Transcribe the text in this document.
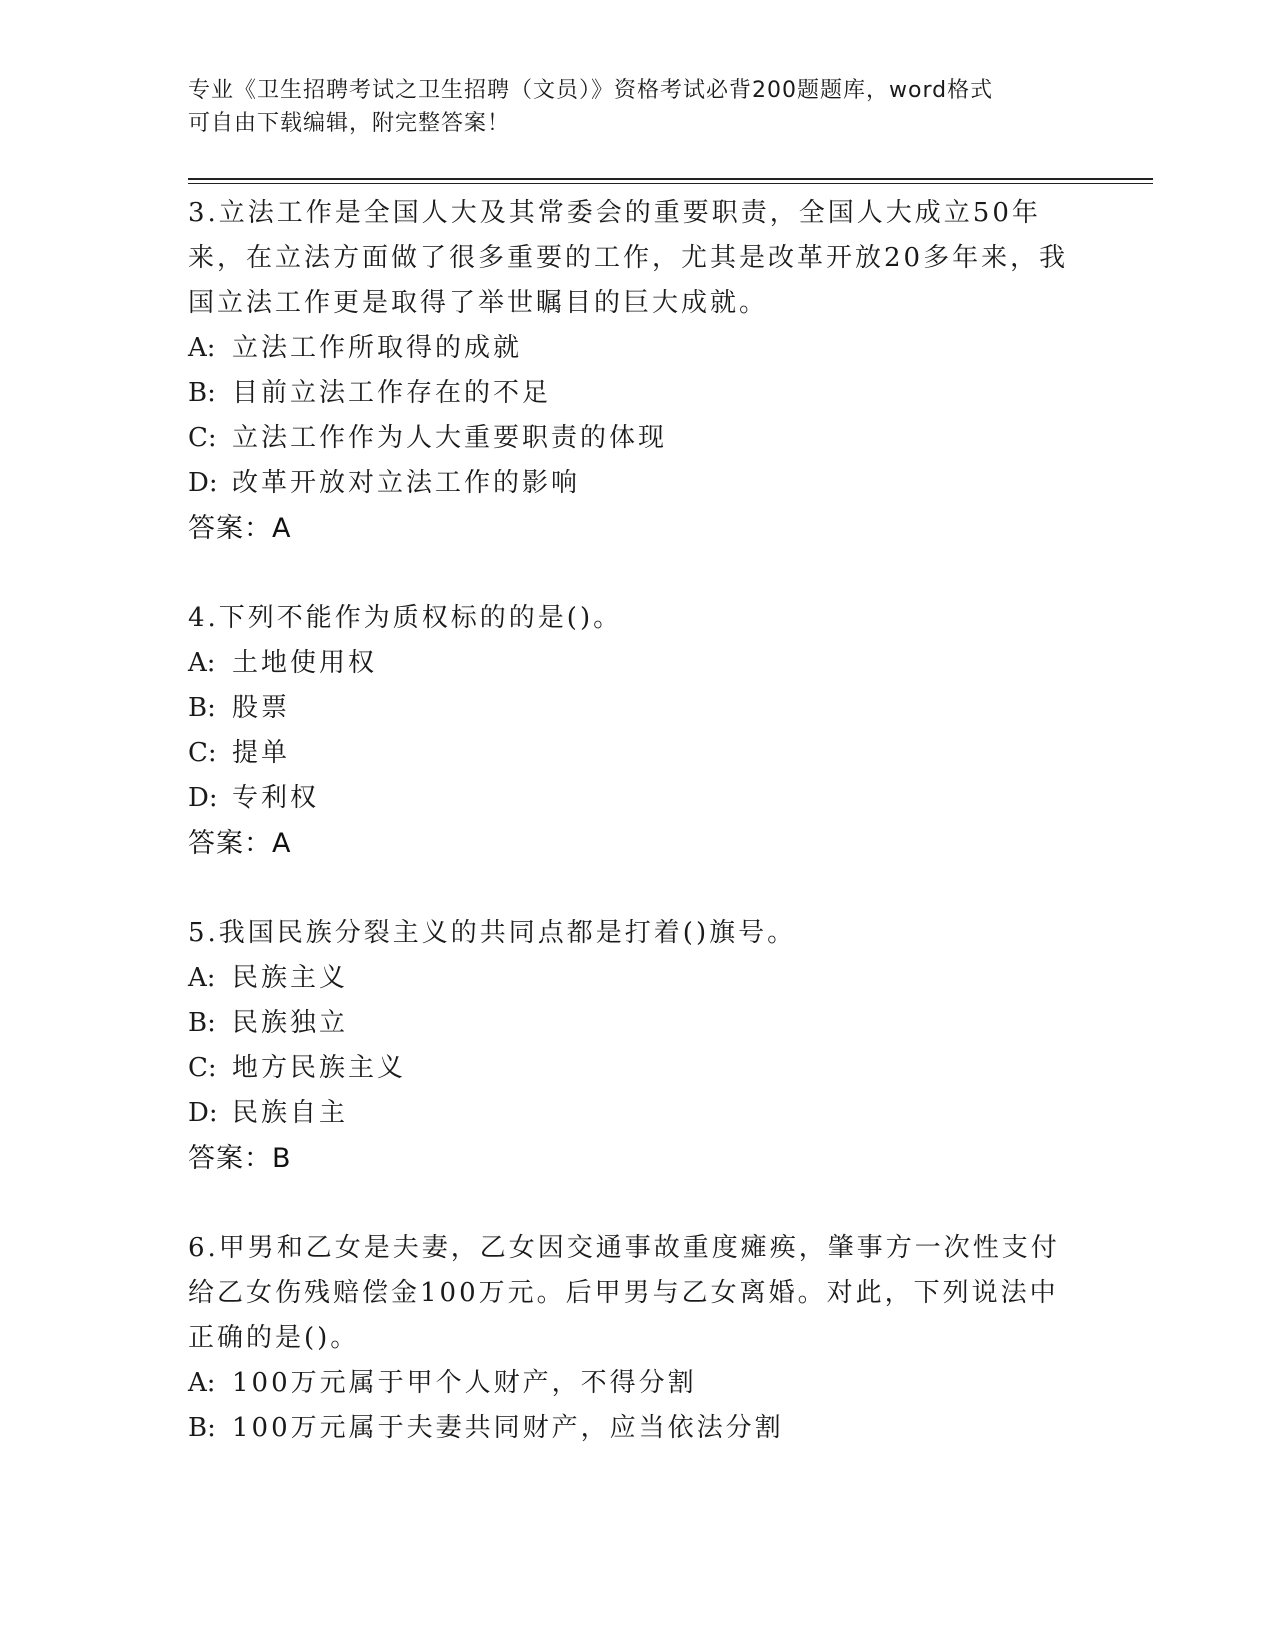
专业《卫生招聘考试之卫生招聘（文员）》资格考试必背200题题库，word格式
可自由下载编辑，附完整答案！
3.立法工作是全国人大及其常委会的重要职责，全国人大成立50年来，在立法方面做了很多重要的工作，尤其是改革开放20多年来，我国立法工作更是取得了举世瞩目的巨大成就。
A: 立法工作所取得的成就
B: 目前立法工作存在的不足
C: 立法工作作为人大重要职责的体现
D: 改革开放对立法工作的影响
答案：A
4.下列不能作为质权标的的是()。
A: 土地使用权
B: 股票
C: 提单
D: 专利权
答案：A
5.我国民族分裂主义的共同点都是打着()旗号。
A: 民族主义
B: 民族独立
C: 地方民族主义
D: 民族自主
答案：B
6.甲男和乙女是夫妻，乙女因交通事故重度瘫痪，肇事方一次性支付给乙女伤残赔偿金100万元。后甲男与乙女离婚。对此，下列说法中正确的是()。
A: 100万元属于甲个人财产，不得分割
B: 100万元属于夫妻共同财产，应当依法分割
